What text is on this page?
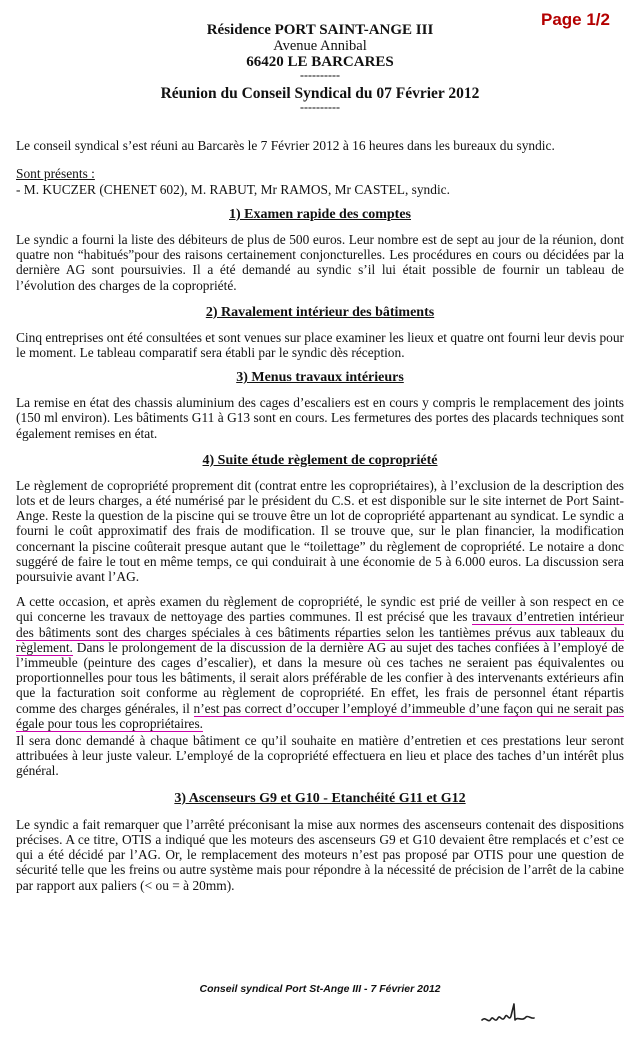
Page 1/2
Résidence PORT SAINT-ANGE III
Avenue Annibal
66420 LE BARCARES
----------
Réunion du Conseil Syndical du 07 Février 2012
----------

Le conseil syndical s’est réuni au Barcarès le 7 Février 2012 à 16 heures dans les bureaux du syndic.

Sont présents :

- M. KUCZER (CHENET 602), M. RABUT, Mr RAMOS, Mr CASTEL, syndic.

1) Examen rapide des comptes

Le syndic a fourni la liste des débiteurs de plus de 500 euros. Leur nombre est de sept au jour de la réunion, dont quatre non “habitués”pour des raisons certainement conjoncturelles. Les procédures en cours ou décidées par la dernière AG sont poursuivies. Il a été demandé au syndic s’il lui était possible de fournir un tableau de l’évolution des charges de la copropriété.

2) Ravalement intérieur des bâtiments

Cinq entreprises ont été consultées et sont venues sur place examiner les lieux et quatre ont fourni leur devis pour le moment. Le tableau comparatif sera établi par le syndic dès réception.

3) Menus travaux intérieurs

La remise en état des chassis aluminium des cages d’escaliers est en cours y compris le remplacement des joints (150 ml environ). Les bâtiments G11 à G13 sont en cours. Les fermetures des portes des placards techniques sont également remises en état.

4) Suite étude règlement de copropriété

Le règlement de copropriété proprement dit (contrat entre les copropriétaires), à l’exclusion de la description des lots et de leurs charges, a été numérisé par le président du C.S. et est disponible sur le site internet de Port Saint-Ange. Reste la question de la piscine qui se trouve être un lot de copropriété appartenant au syndicat. Le syndic a fourni le coût approximatif des frais de modification. Il se trouve que, sur le plan financier, la modification concernant la piscine coûterait presque autant que le “toilettage” du règlement de copropriété. Le notaire a donc suggéré de faire le tout en même temps, ce qui conduirait à une économie de 5 à 6.000 euros. La discussion sera poursuivie avant l’AG.

A cette occasion, et après examen du règlement de copropriété, le syndic est prié de veiller à son respect en ce qui concerne les travaux de nettoyage des parties communes. Il est précisé que les travaux d’entretien intérieur des bâtiments sont des charges spéciales à ces bâtiments réparties selon les tantièmes prévus aux tableaux du règlement. Dans le prolongement de la discussion de la dernière AG au sujet des taches confiées à l’employé de l’immeuble (peinture des cages d’escalier), et dans la mesure où ces taches ne seraient pas équivalentes ou proportionnelles pour tous les bâtiments, il serait alors préférable de les confier à des intervenants extérieurs afin que la facturation soit conforme au règlement de copropriété. En effet, les frais de personnel étant répartis comme des charges générales, il n’est pas correct d’occuper l’employé d’immeuble d’une façon qui ne serait pas égale pour tous les copropriétaires.

Il sera donc demandé à chaque bâtiment ce qu’il souhaite en matière d’entretien et ces prestations leur seront attribuées à leur juste valeur. L’employé de la copropriété effectuera en lieu et place des taches d’un intérêt plus général.

3) Ascenseurs G9 et G10 - Etanchéité G11 et G12

Le syndic a fait remarquer que l’arrêté préconisant la mise aux normes des ascenseurs contenait des dispositions précises. A ce titre, OTIS a indiqué que les moteurs des ascenseurs G9 et G10 devaient être remplacés et c’est ce qui a été décidé par l’AG. Or, le remplacement des moteurs n’est pas proposé par OTIS pour une question de sécurité telle que les freins ou autre système mais pour répondre à la nécessité de précision de l’arrêt de la cabine par rapport aux paliers (< ou = à 20mm).

Conseil syndical Port St-Ange III - 7 Février 2012
